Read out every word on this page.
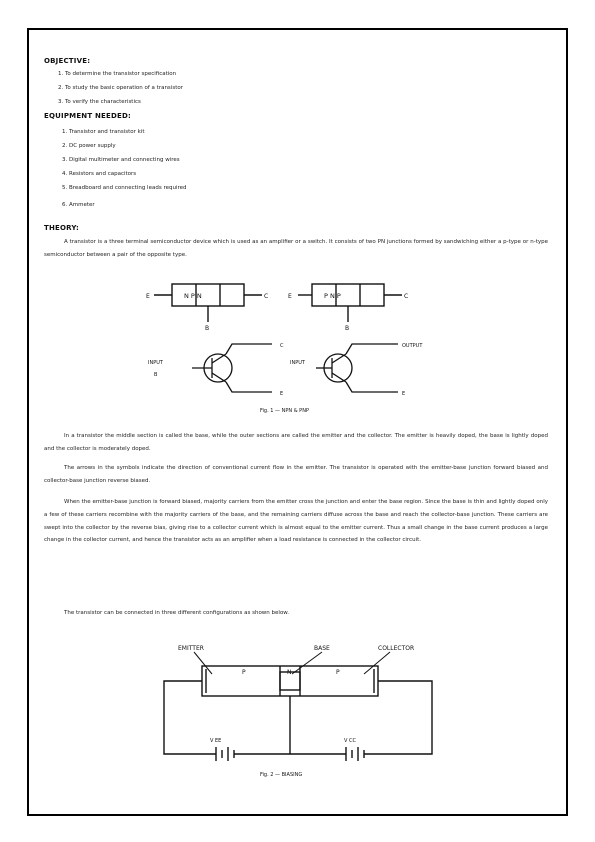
OBJECTIVE:
1. To determine the transistor specification
2. To study the basic operation of a transistor
3. To verify the characteristics
EQUIPMENT NEEDED:
1. Transistor and transistor kit
2. DC power supply
3. Digital multimeter and connecting wires
4. Resistors and capacitors
5. Breadboard and connecting leads required
6. Ammeter
THEORY:
A transistor is a three terminal semiconductor device which is used as an amplifier or a switch. It consists of two PN junctions formed by sandwiching either a p-type or n-type semiconductor between a pair of the opposite type.
N P N
E	C
B
P N P
E	C
B
INPUT
B
C
E
INPUT
OUTPUT
E
Fig. 1 — NPN & PNP
In a transistor the middle section is called the base, while the outer sections are called the emitter and the collector. The emitter is heavily doped, the base is lightly doped and the collector is moderately doped.
The arrows in the symbols indicate the direction of conventional current flow in the emitter. The transistor is operated with the emitter-base junction forward biased and collector-base junction reverse biased.
When the emitter-base junction is forward biased, majority carriers from the emitter cross the junction and enter the base region. Since the base is thin and lightly doped only a few of these carriers recombine with the majority carriers of the base, and the remaining carriers diffuse across the base and reach the collector-base junction. These carriers are swept into the collector by the reverse bias, giving rise to a collector current which is almost equal to the emitter current. Thus a small change in the base current produces a large change in the collector current, and hence the transistor acts as an amplifier when a load resistance is connected in the collector circuit.
The transistor can be connected in three different configurations as shown below.
EMITTER	BASE	COLLECTOR
P	N	P
V EE	V CC
Fig. 2 — BIASING
